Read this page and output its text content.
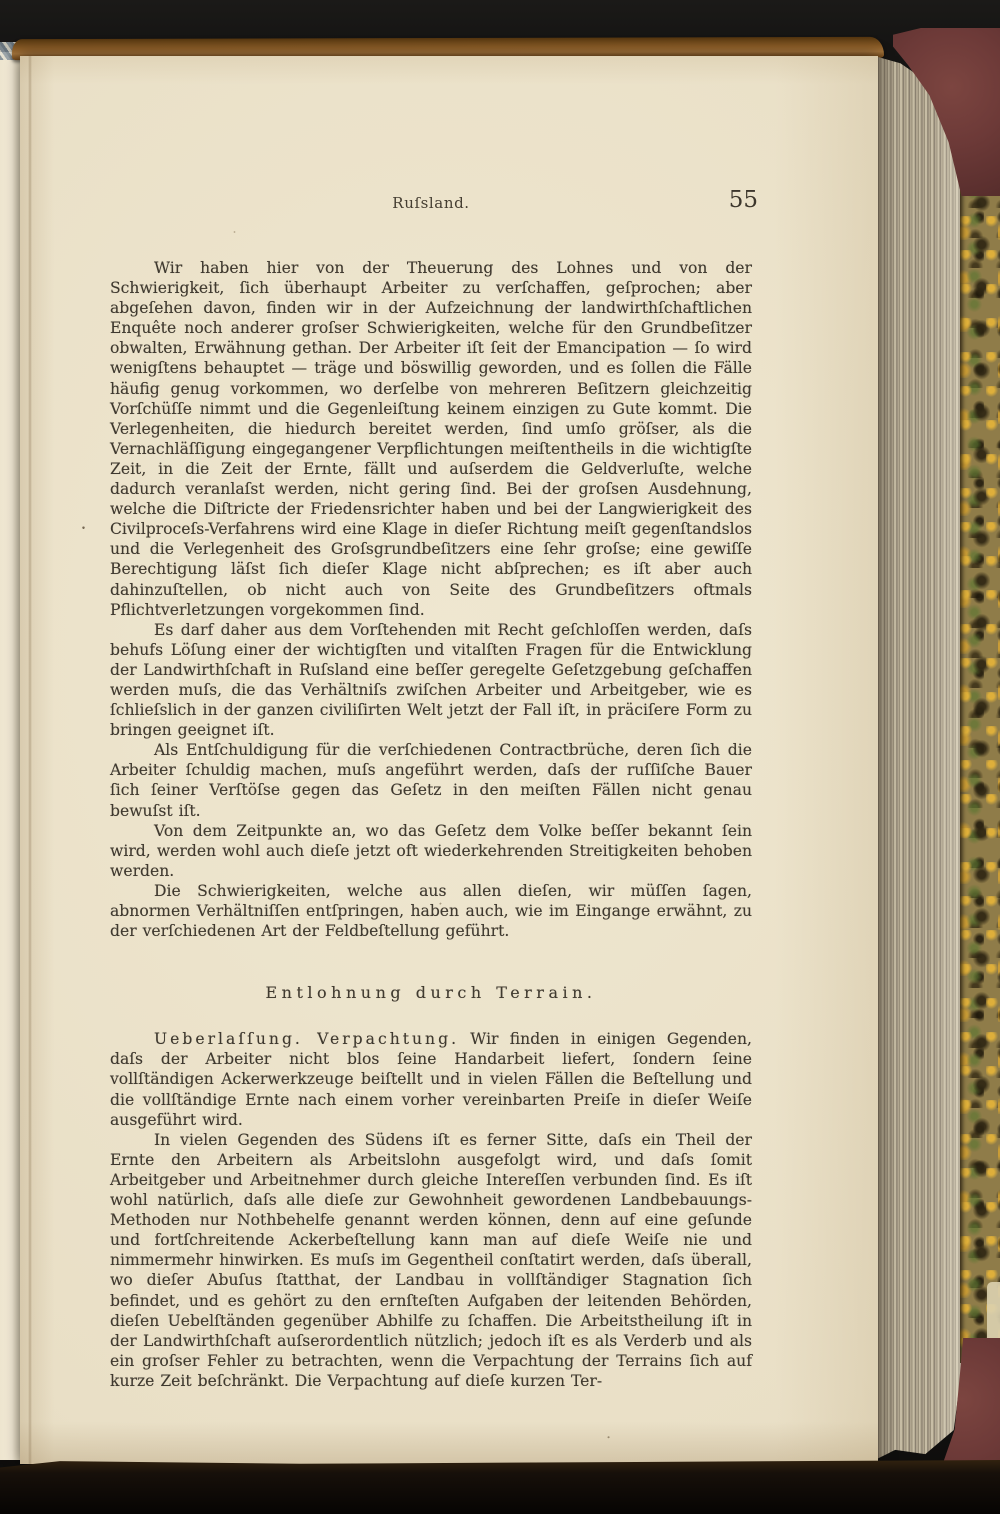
Ruſsland.	55

Wir haben hier von der Theuerung des Lohnes und von der Schwierigkeit, ſich überhaupt Arbeiter zu verſchaffen, geſprochen; aber abgeſehen davon, finden wir in der Aufzeichnung der landwirthſchaftlichen Enquête noch anderer groſser Schwierigkeiten, welche für den Grundbeſitzer obwalten, Erwähnung gethan. Der Arbeiter iſt ſeit der Emancipation — ſo wird wenigſtens behauptet — träge und böswillig geworden, und es ſollen die Fälle häufig genug vorkommen, wo derſelbe von mehreren Beſitzern gleichzeitig Vorſchüſſe nimmt und die Gegenleiſtung keinem einzigen zu Gute kommt. Die Verlegenheiten, die hiedurch bereitet werden, ſind umſo gröſser, als die Vernachläſſigung eingegangener Verpflichtungen meiſtentheils in die wichtigſte Zeit, in die Zeit der Ernte, fällt und auſserdem die Geldverluſte, welche dadurch veranlaſst werden, nicht gering ſind. Bei der groſsen Ausdehnung, welche die Diſtricte der Friedensrichter haben und bei der Langwierigkeit des Civilproceſs-Verfahrens wird eine Klage in dieſer Richtung meiſt gegenſtandslos und die Verlegenheit des Groſsgrundbeſitzers eine ſehr groſse; eine gewiſſe Berechtigung läſst ſich dieſer Klage nicht abſprechen; es iſt aber auch dahinzuſtellen, ob nicht auch von Seite des Grundbeſitzers oftmals Pflichtverletzungen vorgekommen ſind.

Es darf daher aus dem Vorſtehenden mit Recht geſchloſſen werden, daſs behufs Löſung einer der wichtigſten und vitalſten Fragen für die Entwicklung der Landwirthſchaft in Ruſsland eine beſſer geregelte Geſetzgebung geſchaffen werden muſs, die das Verhältniſs zwiſchen Arbeiter und Arbeitgeber, wie es ſchlieſslich in der ganzen civiliſirten Welt jetzt der Fall iſt, in präciſere Form zu bringen geeignet iſt.

Als Entſchuldigung für die verſchiedenen Contractbrüche, deren ſich die Arbeiter ſchuldig machen, muſs angeführt werden, daſs der ruſſiſche Bauer ſich ſeiner Verſtöſse gegen das Geſetz in den meiſten Fällen nicht genau bewuſst iſt.

Von dem Zeitpunkte an, wo das Geſetz dem Volke beſſer bekannt ſein wird, werden wohl auch dieſe jetzt oft wiederkehrenden Streitigkeiten behoben werden.

Die Schwierigkeiten, welche aus allen dieſen, wir müſſen ſagen, abnormen Verhältniſſen entſpringen, haben auch, wie im Eingange erwähnt, zu der verſchiedenen Art der Feldbeſtellung geführt.

Entlohnung durch Terrain.

Ueberlaſſung. Verpachtung. Wir finden in einigen Gegenden, daſs der Arbeiter nicht blos ſeine Handarbeit liefert, ſondern ſeine vollſtändigen Ackerwerkzeuge beiſtellt und in vielen Fällen die Beſtellung und die vollſtändige Ernte nach einem vorher vereinbarten Preiſe in dieſer Weiſe ausgeführt wird.

In vielen Gegenden des Südens iſt es ferner Sitte, daſs ein Theil der Ernte den Arbeitern als Arbeitslohn ausgefolgt wird, und daſs ſomit Arbeitgeber und Arbeitnehmer durch gleiche Intereſſen verbunden ſind. Es iſt wohl natürlich, daſs alle dieſe zur Gewohnheit gewordenen Landbebauungs-Methoden nur Nothbehelfe genannt werden können, denn auf eine geſunde und fortſchreitende Ackerbeſtellung kann man auf dieſe Weiſe nie und nimmermehr hinwirken. Es muſs im Gegentheil conſtatirt werden, daſs überall, wo dieſer Abuſus ſtatthat, der Landbau in vollſtändiger Stagnation ſich befindet, und es gehört zu den ernſteſten Aufgaben der leitenden Behörden, dieſen Uebelſtänden gegenüber Abhilfe zu ſchaffen. Die Arbeitstheilung iſt in der Landwirthſchaft auſserordentlich nützlich; jedoch iſt es als Verderb und als ein groſser Fehler zu betrachten, wenn die Verpachtung der Terrains ſich auf kurze Zeit beſchränkt. Die Verpachtung auf dieſe kurzen Ter-
